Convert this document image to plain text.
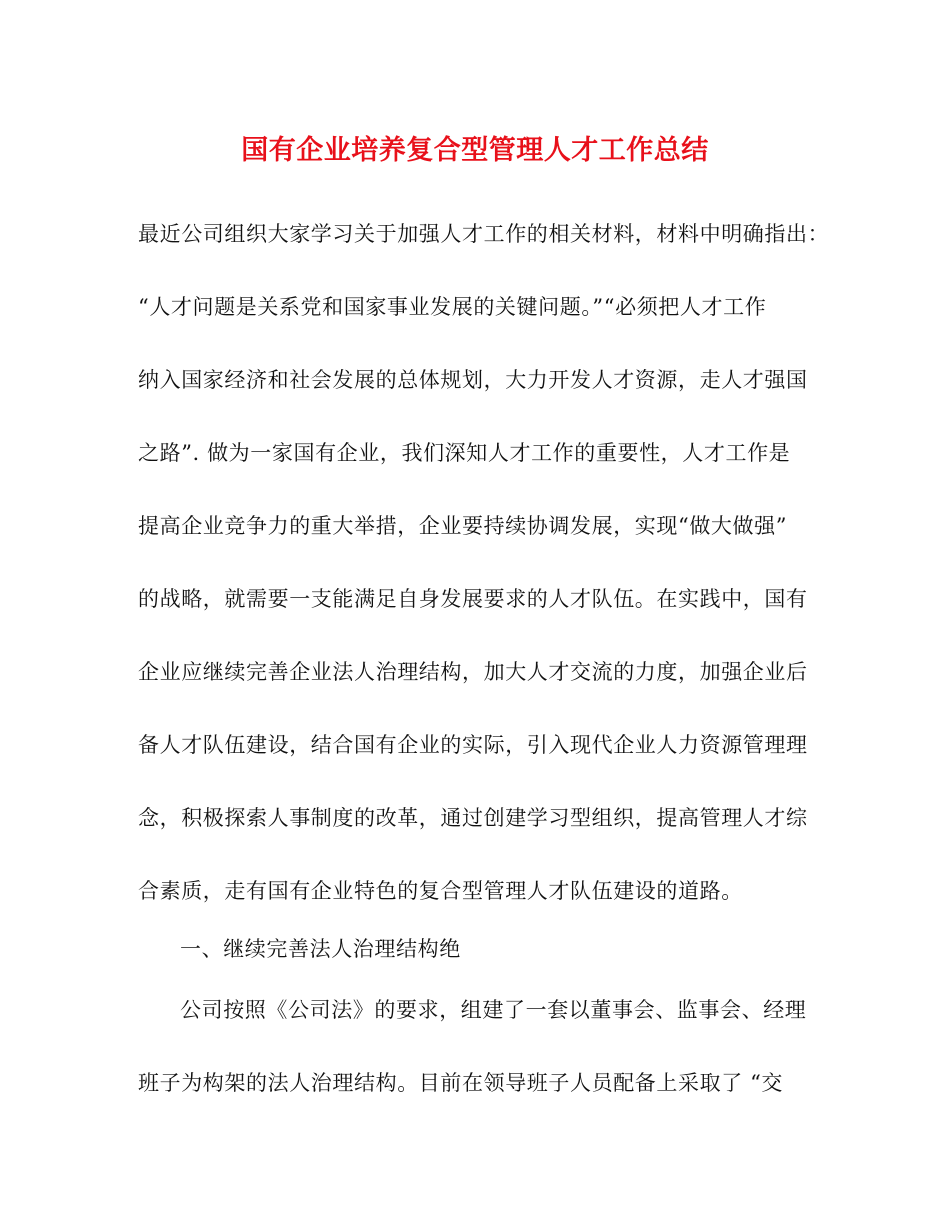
国有企业培养复合型管理人才工作总结
最近公司组织大家学习关于加强人才工作的相关材料，材料中明确指出：
“人才问题是关系党和国家事业发展的关键问题。”“必须把人才工作
纳入国家经济和社会发展的总体规划，大力开发人才资源，走人才强国
之路”. 做为一家国有企业，我们深知人才工作的重要性，人才工作是
提高企业竞争力的重大举措，企业要持续协调发展，实现“做大做强”
的战略，就需要一支能满足自身发展要求的人才队伍。在实践中，国有
企业应继续完善企业法人治理结构，加大人才交流的力度，加强企业后
备人才队伍建设，结合国有企业的实际，引入现代企业人力资源管理理
念，积极探索人事制度的改革，通过创建学习型组织，提高管理人才综
合素质，走有国有企业特色的复合型管理人才队伍建设的道路。
一、继续完善法人治理结构绝
公司按照《公司法》的要求，组建了一套以董事会、监事会、经理
班子为构架的法人治理结构。目前在领导班子人员配备上采取了 “交
